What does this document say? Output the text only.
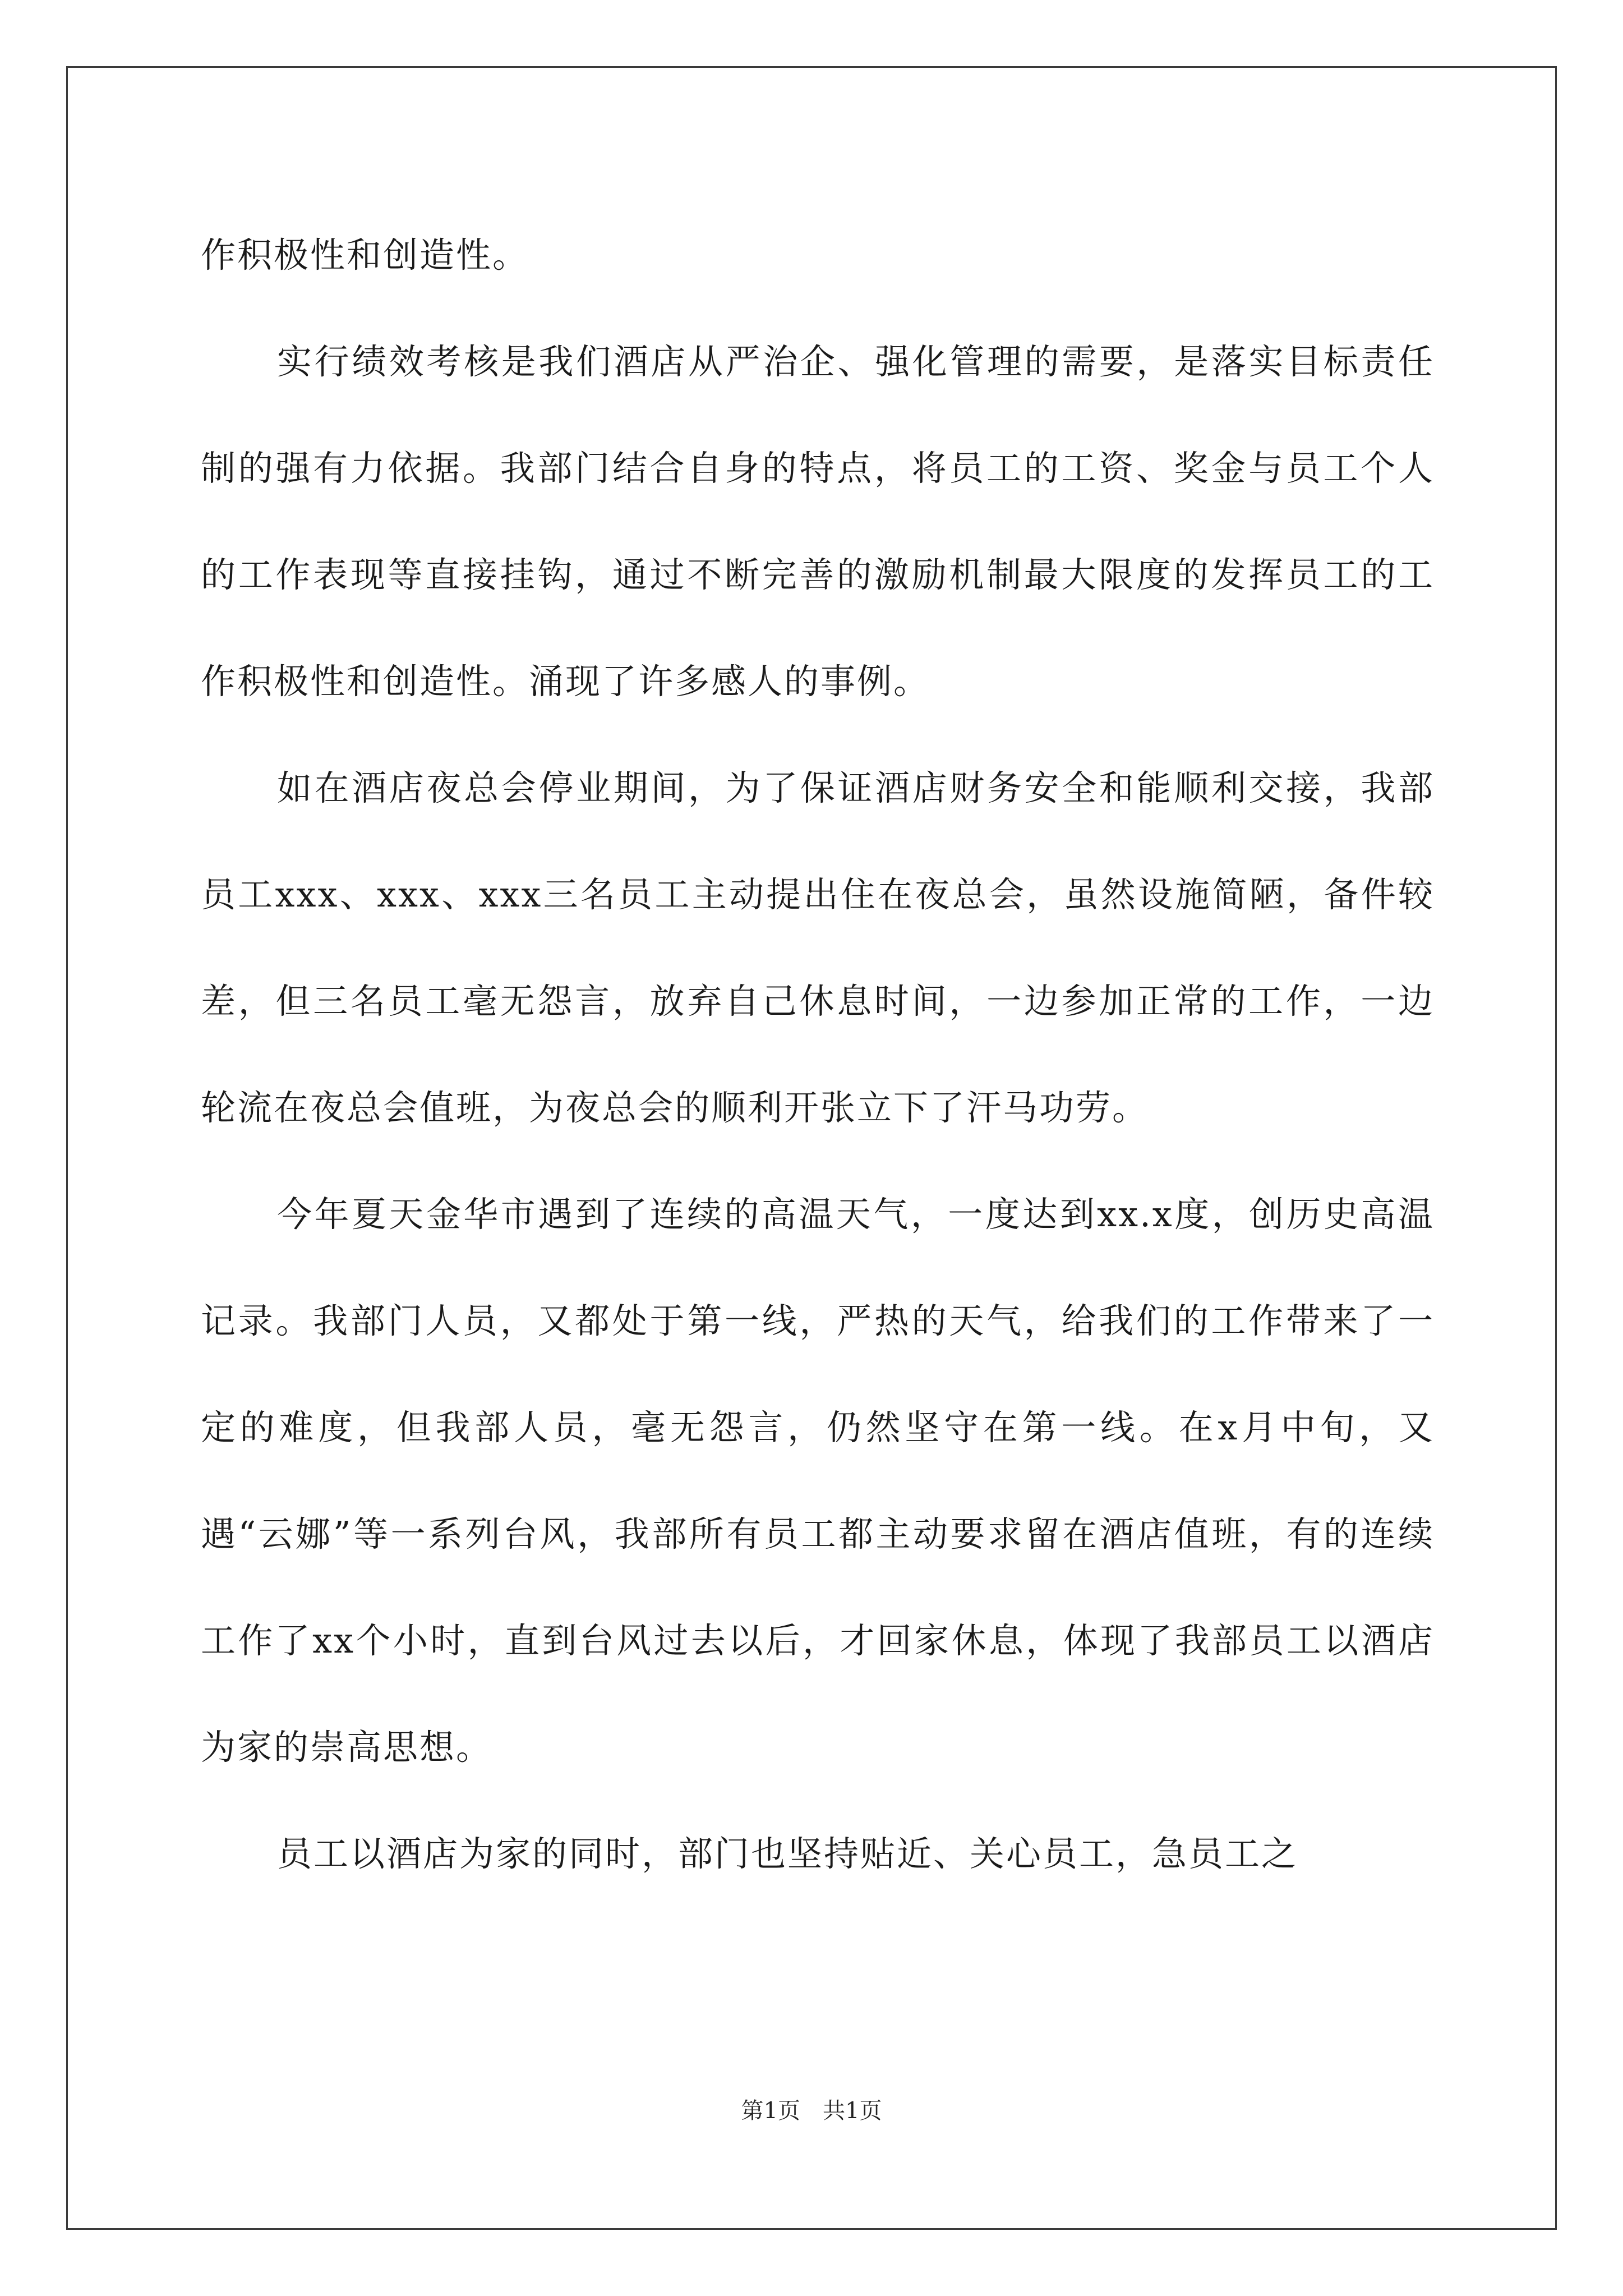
作积极性和创造性。

实行绩效考核是我们酒店从严治企、强化管理的需要，是落实目标责任制的强有力依据。我部门结合自身的特点，将员工的工资、奖金与员工个人的工作表现等直接挂钩，通过不断完善的激励机制最大限度的发挥员工的工作积极性和创造性。涌现了许多感人的事例。

如在酒店夜总会停业期间，为了保证酒店财务安全和能顺利交接，我部员工xxx、xxx、xxx三名员工主动提出住在夜总会，虽然设施简陋，备件较差，但三名员工毫无怨言，放弃自己休息时间，一边参加正常的工作，一边轮流在夜总会值班，为夜总会的顺利开张立下了汗马功劳。

今年夏天金华市遇到了连续的高温天气，一度达到xx.x度，创历史高温记录。我部门人员，又都处于第一线，严热的天气，给我们的工作带来了一定的难度，但我部人员，毫无怨言，仍然坚守在第一线。在x月中旬，又遇“云娜”等一系列台风，我部所有员工都主动要求留在酒店值班，有的连续工作了xx个小时，直到台风过去以后，才回家休息，体现了我部员工以酒店为家的崇高思想。

员工以酒店为家的同时，部门也坚持贴近、关心员工，急员工之

第1页 共1页
